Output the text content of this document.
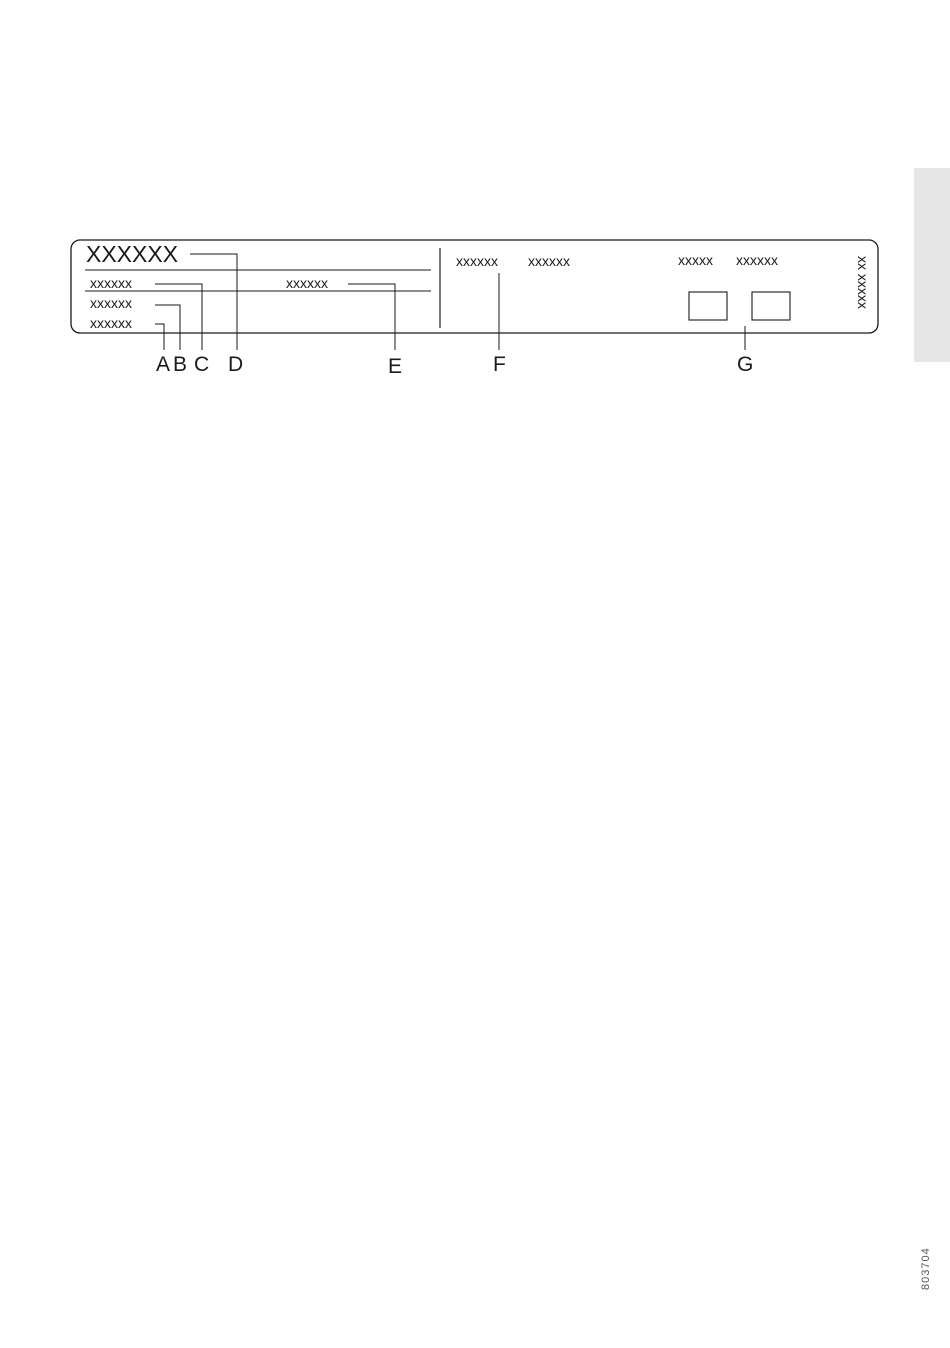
XXXXXX
xxxxxx	xxxxxx
xxxxxx
xxxxxx
xxxxxx xxxxxx	xxxxx xxxxxx	xx xxxxx
A B C D	E	F	G
803704
